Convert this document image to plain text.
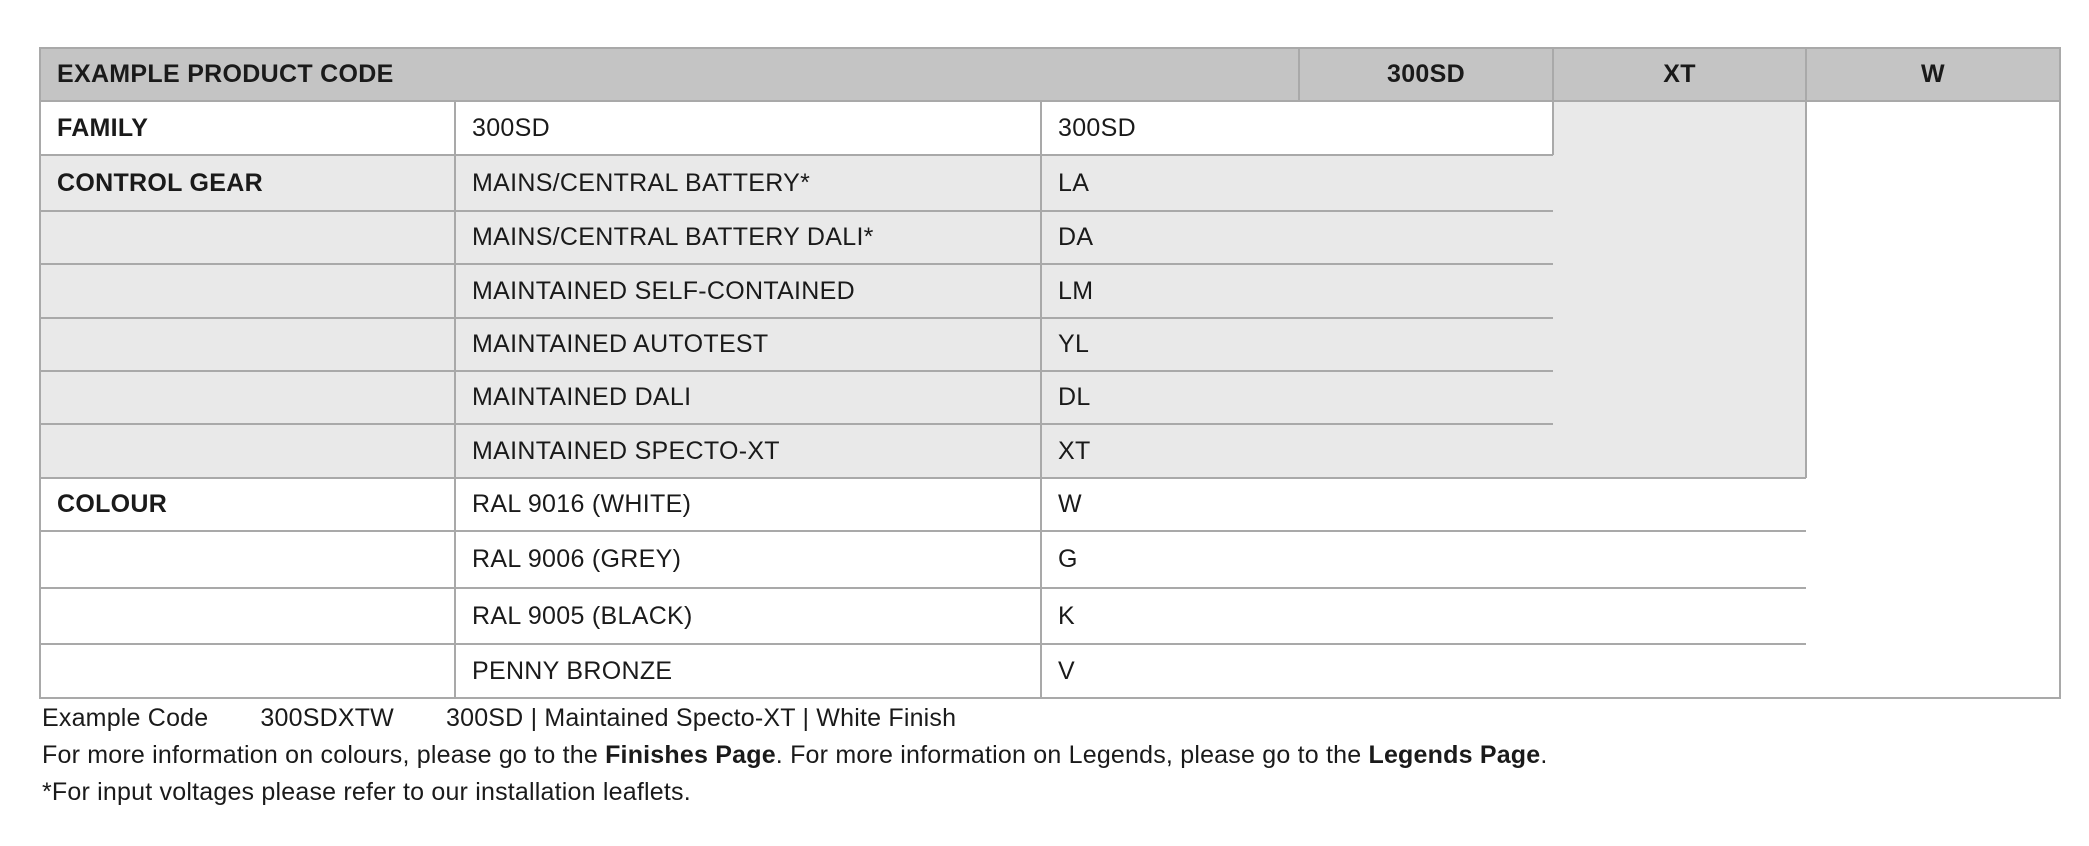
EXAMPLE PRODUCT CODE	300SD	XT	W
FAMILY	300SD	300SD
CONTROL GEAR	MAINS/CENTRAL BATTERY*	LA
MAINS/CENTRAL BATTERY DALI*	DA
MAINTAINED SELF-CONTAINED	LM
MAINTAINED AUTOTEST	YL
MAINTAINED DALI	DL
MAINTAINED SPECTO-XT	XT
COLOUR	RAL 9016 (WHITE)	W
RAL 9006 (GREY)	G
RAL 9005 (BLACK)	K
PENNY BRONZE	V
Example Code 300SDXTW 300SD | Maintained Specto-XT | White Finish
For more information on colours, please go to the Finishes Page. For more information on Legends, please go to the Legends Page.
*For input voltages please refer to our installation leaflets.
